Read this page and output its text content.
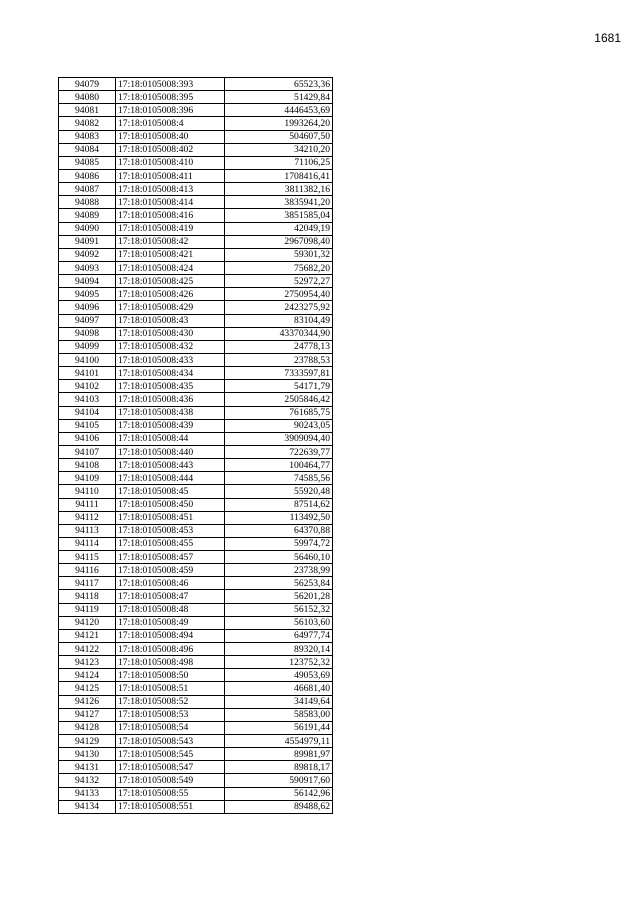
1681
94079	17:18:0105008:393	65523,36
94080	17:18:0105008:395	51429,84
94081	17:18:0105008:396	4446453,69
94082	17:18:0105008:4	1993264,20
94083	17:18:0105008:40	504607,50
94084	17:18:0105008:402	34210,20
94085	17:18:0105008:410	71106,25
94086	17:18:0105008:411	1708416,41
94087	17:18:0105008:413	3811382,16
94088	17:18:0105008:414	3835941,20
94089	17:18:0105008:416	3851585,04
94090	17:18:0105008:419	42049,19
94091	17:18:0105008:42	2967098,40
94092	17:18:0105008:421	59301,32
94093	17:18:0105008:424	75682,20
94094	17:18:0105008:425	52972,27
94095	17:18:0105008:426	2750954,40
94096	17:18:0105008:429	2423275,92
94097	17:18:0105008:43	83104,49
94098	17:18:0105008:430	43370344,90
94099	17:18:0105008:432	24778,13
94100	17:18:0105008:433	23788,53
94101	17:18:0105008:434	7333597,81
94102	17:18:0105008:435	54171,79
94103	17:18:0105008:436	2505846,42
94104	17:18:0105008:438	761685,75
94105	17:18:0105008:439	90243,05
94106	17:18:0105008:44	3909094,40
94107	17:18:0105008:440	722639,77
94108	17:18:0105008:443	100464,77
94109	17:18:0105008:444	74585,56
94110	17:18:0105008:45	55920,48
94111	17:18:0105008:450	87514,62
94112	17:18:0105008:451	113492,50
94113	17:18:0105008:453	64370,88
94114	17:18:0105008:455	59974,72
94115	17:18:0105008:457	56460,10
94116	17:18:0105008:459	23738,99
94117	17:18:0105008:46	56253,84
94118	17:18:0105008:47	56201,28
94119	17:18:0105008:48	56152,32
94120	17:18:0105008:49	56103,60
94121	17:18:0105008:494	64977,74
94122	17:18:0105008:496	89320,14
94123	17:18:0105008:498	123752,32
94124	17:18:0105008:50	49053,69
94125	17:18:0105008:51	46681,40
94126	17:18:0105008:52	34149,64
94127	17:18:0105008:53	58583,00
94128	17:18:0105008:54	56191,44
94129	17:18:0105008:543	4554979,11
94130	17:18:0105008:545	89981,97
94131	17:18:0105008:547	89818,17
94132	17:18:0105008:549	590917,60
94133	17:18:0105008:55	56142,96
94134	17:18:0105008:551	89488,62
